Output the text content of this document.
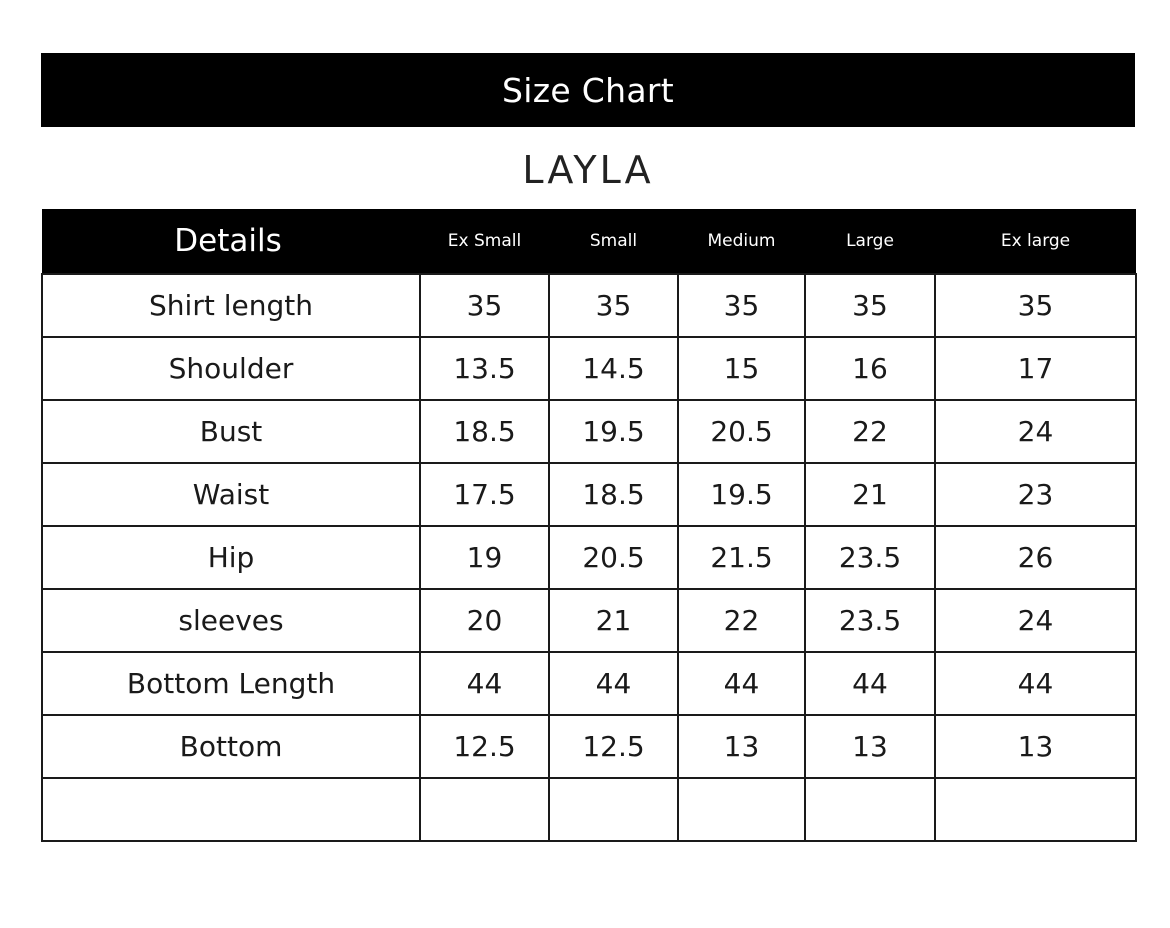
Size Chart
LAYLA
Details	Ex Small	Small	Medium	Large	Ex large
Shirt length	35	35	35	35	35
Shoulder	13.5	14.5	15	16	17
Bust	18.5	19.5	20.5	22	24
Waist	17.5	18.5	19.5	21	23
Hip	19	20.5	21.5	23.5	26
sleeves	20	21	22	23.5	24
Bottom Length	44	44	44	44	44
Bottom	12.5	12.5	13	13	13
